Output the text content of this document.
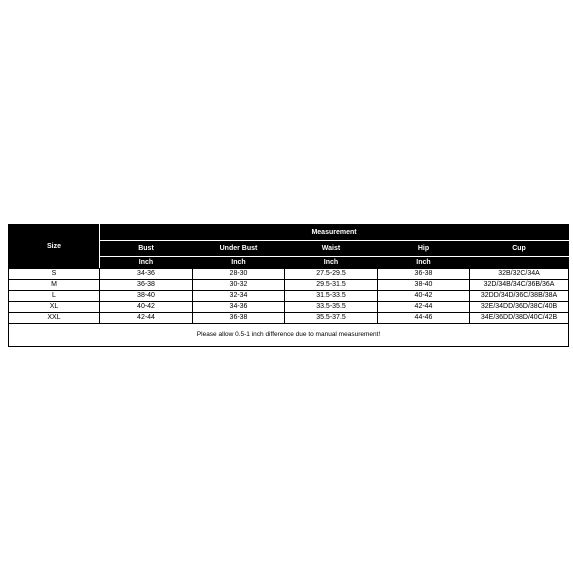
Size	Measurement				
	Bust	Under Bust	Waist	Hip	Cup
	Inch	Inch	Inch	Inch	
S	34-36	28-30	27.5-29.5	36-38	32B/32C/34A
M	36-38	30-32	29.5-31.5	38-40	32D/34B/34C/36B/36A
L	38-40	32-34	31.5-33.5	40-42	32DD/34D/36C/38B/38A
XL	40-42	34-36	33.5-35.5	42-44	32E/34DD/36D/38C/40B
XXL	42-44	36-38	35.5-37.5	44-46	34E/36DD/38D/40C/42B
Please allow 0.5-1 inch difference due to manual measurement!					
